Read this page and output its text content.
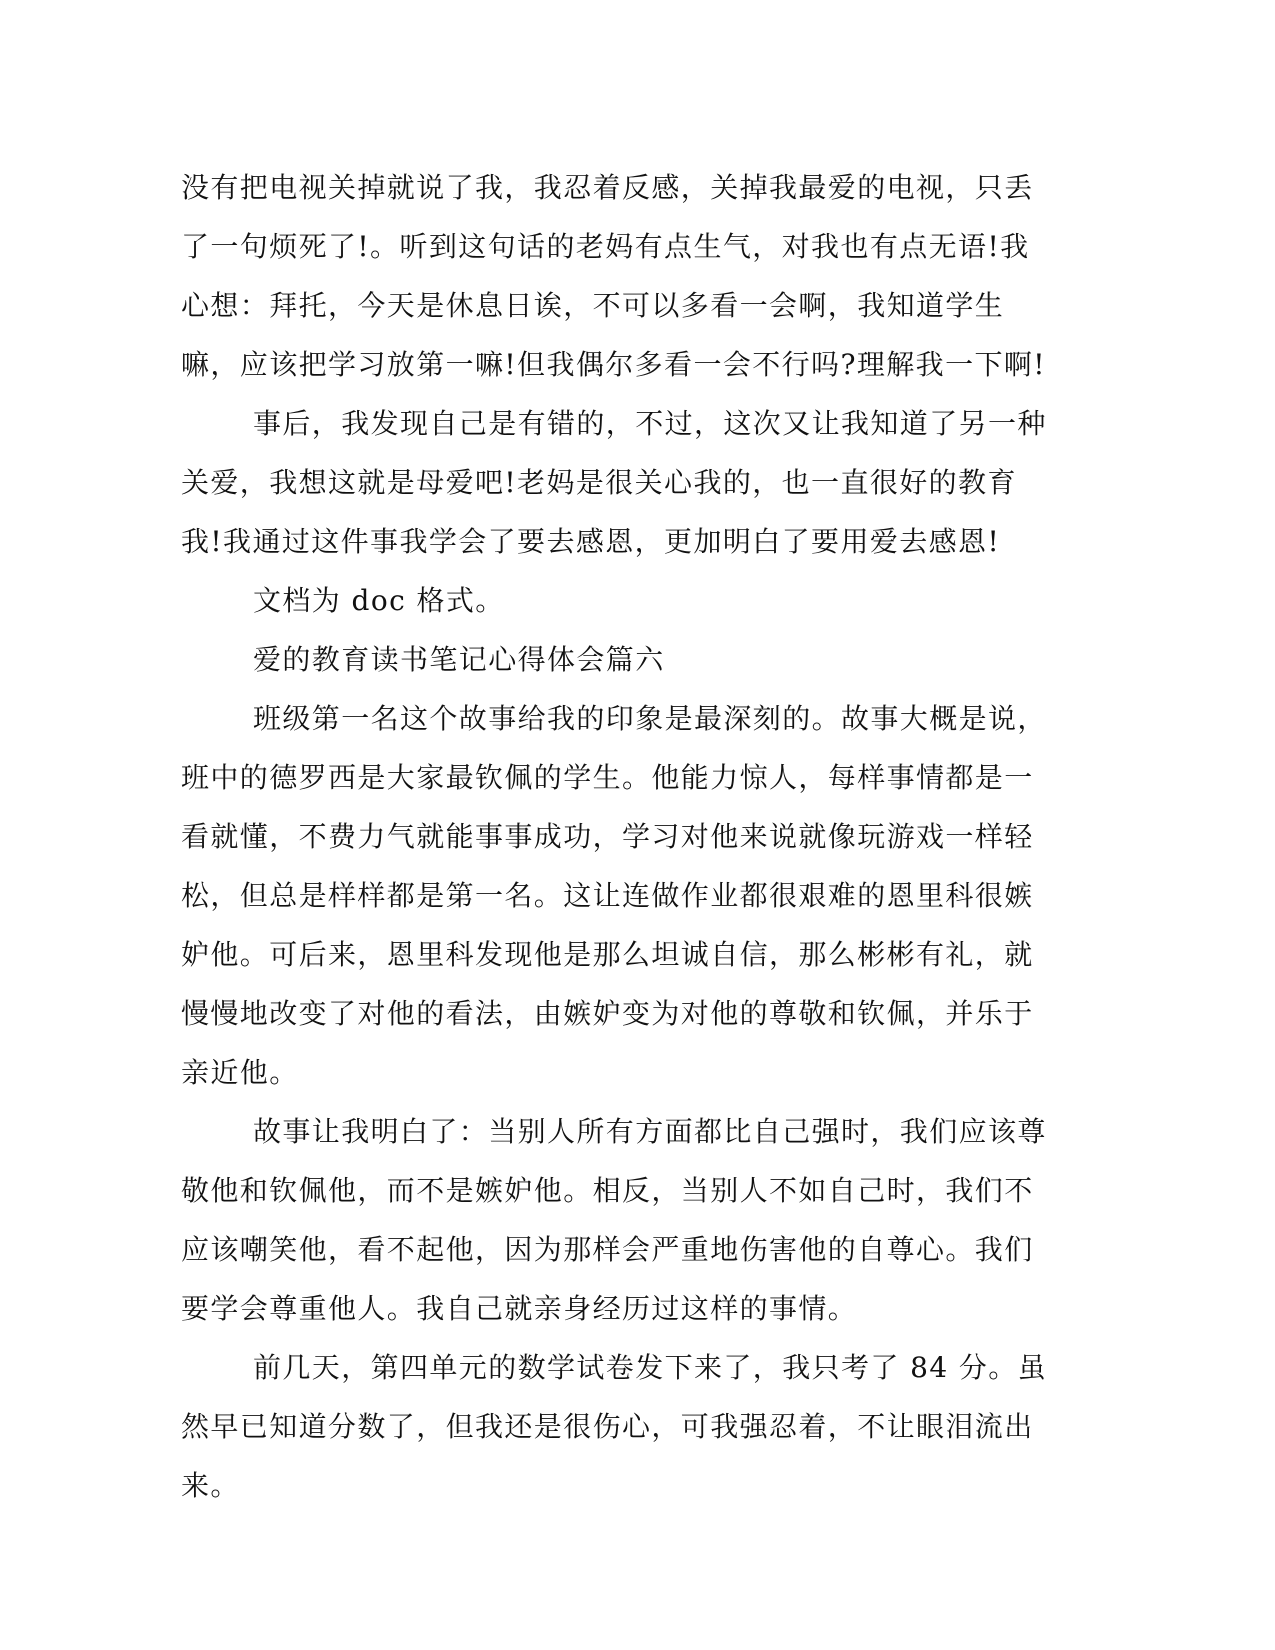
没有把电视关掉就说了我，我忍着反感，关掉我最爱的电视，只丢了一句烦死了!。听到这句话的老妈有点生气，对我也有点无语!我心想：拜托，今天是休息日诶，不可以多看一会啊，我知道学生嘛，应该把学习放第一嘛!但我偶尔多看一会不行吗?理解我一下啊!

事后，我发现自己是有错的，不过，这次又让我知道了另一种关爱，我想这就是母爱吧!老妈是很关心我的，也一直很好的教育我!我通过这件事我学会了要去感恩，更加明白了要用爱去感恩!

文档为 doc 格式。

爱的教育读书笔记心得体会篇六

班级第一名这个故事给我的印象是最深刻的。故事大概是说，班中的德罗西是大家最钦佩的学生。他能力惊人，每样事情都是一看就懂，不费力气就能事事成功，学习对他来说就像玩游戏一样轻松，但总是样样都是第一名。这让连做作业都很艰难的恩里科很嫉妒他。可后来，恩里科发现他是那么坦诚自信，那么彬彬有礼，就慢慢地改变了对他的看法，由嫉妒变为对他的尊敬和钦佩，并乐于亲近他。

故事让我明白了：当别人所有方面都比自己强时，我们应该尊敬他和钦佩他，而不是嫉妒他。相反，当别人不如自己时，我们不应该嘲笑他，看不起他，因为那样会严重地伤害他的自尊心。我们要学会尊重他人。我自己就亲身经历过这样的事情。

前几天，第四单元的数学试卷发下来了，我只考了 84 分。虽然早已知道分数了，但我还是很伤心，可我强忍着，不让眼泪流出来。
